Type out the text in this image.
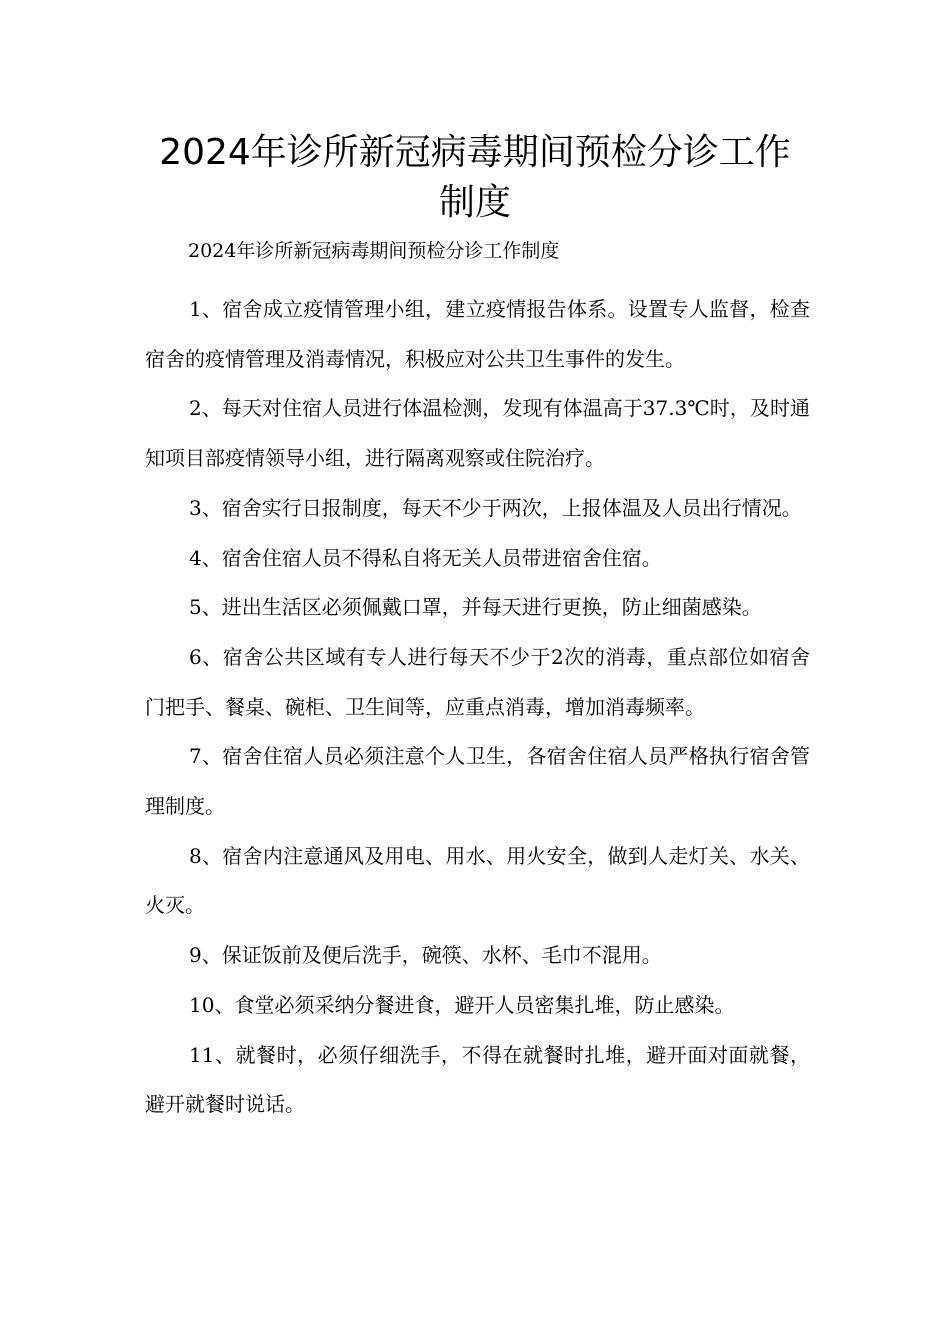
2024年诊所新冠病毒期间预检分诊工作
制度
2024年诊所新冠病毒期间预检分诊工作制度

1、宿舍成立疫情管理小组，建立疫情报告体系。设置专人监督，检查宿舍的疫情管理及消毒情况，积极应对公共卫生事件的发生。

2、每天对住宿人员进行体温检测，发现有体温高于37.3℃时，及时通知项目部疫情领导小组，进行隔离观察或住院治疗。

3、宿舍实行日报制度，每天不少于两次，上报体温及人员出行情况。

4、宿舍住宿人员不得私自将无关人员带进宿舍住宿。

5、进出生活区必须佩戴口罩，并每天进行更换，防止细菌感染。

6、宿舍公共区域有专人进行每天不少于2次的消毒，重点部位如宿舍门把手、餐桌、碗柜、卫生间等，应重点消毒，增加消毒频率。

7、宿舍住宿人员必须注意个人卫生，各宿舍住宿人员严格执行宿舍管理制度。

8、宿舍内注意通风及用电、用水、用火安全，做到人走灯关、水关、火灭。

9、保证饭前及便后洗手，碗筷、水杯、毛巾不混用。

10、食堂必须采纳分餐进食，避开人员密集扎堆，防止感染。

11、就餐时，必须仔细洗手，不得在就餐时扎堆，避开面对面就餐，避开就餐时说话。
